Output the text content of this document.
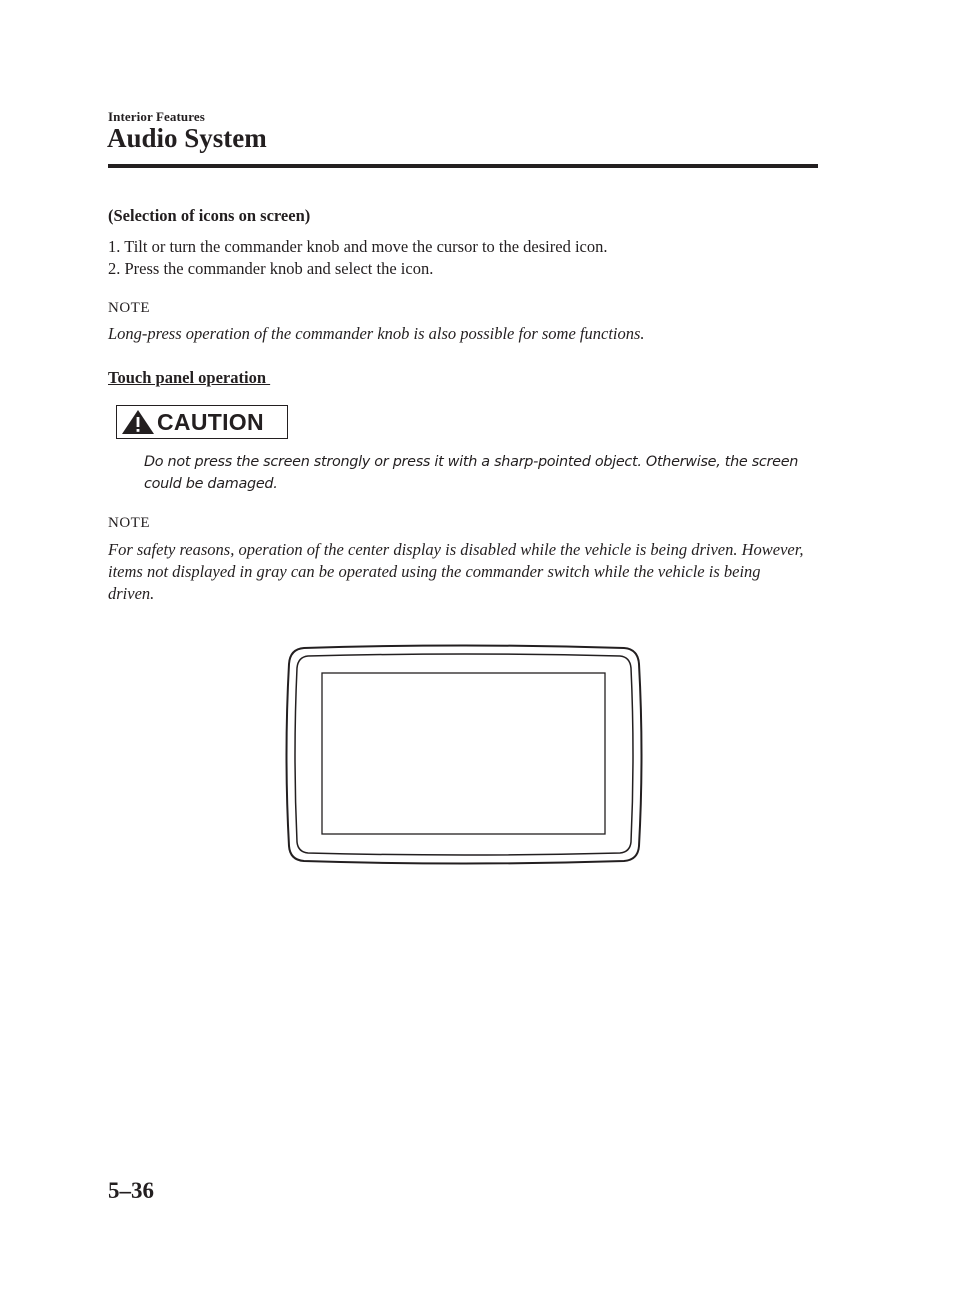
Interior Features
Audio System
(Selection of icons on screen)
1. Tilt or turn the commander knob and move the cursor to the desired icon.
2. Press the commander knob and select the icon.
NOTE
Long-press operation of the commander knob is also possible for some functions.
Touch panel operation
CAUTION
Do not press the screen strongly or press it with a sharp-pointed object. Otherwise, the screen could be damaged.
NOTE
For safety reasons, operation of the center display is disabled while the vehicle is being driven. However, items not displayed in gray can be operated using the commander switch while the vehicle is being driven.
5–36
